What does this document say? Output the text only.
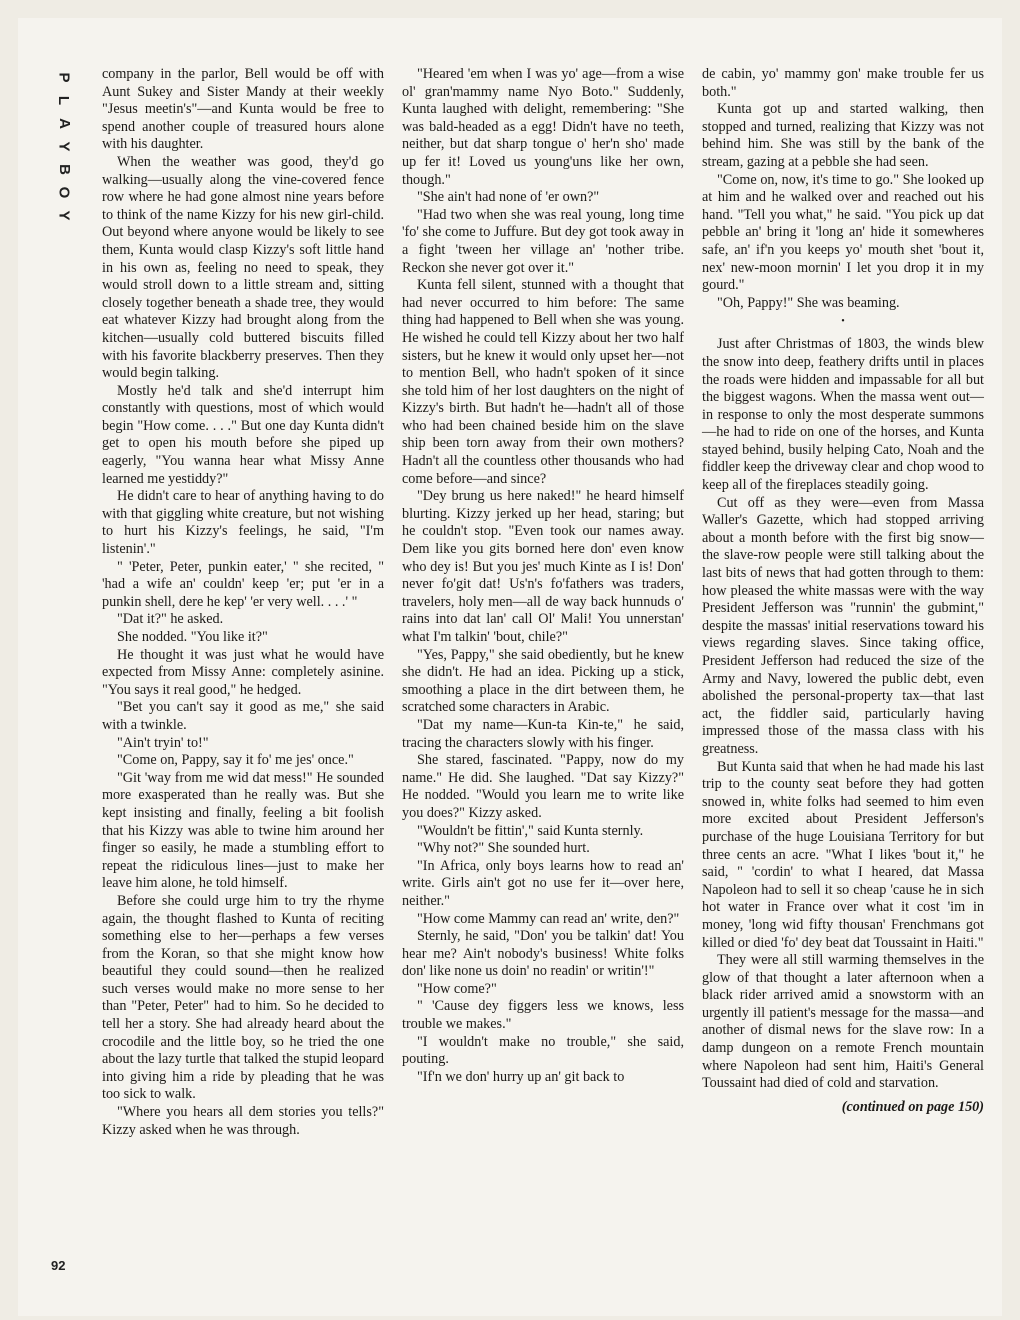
P
L
A
Y
B
O
Y

company in the parlor, Bell would be off with Aunt Sukey and Sister Mandy at their weekly "Jesus meetin's"—and Kunta would be free to spend another couple of treasured hours alone with his daughter.

When the weather was good, they'd go walking—usually along the vine-covered fence row where he had gone almost nine years before to think of the name Kizzy for his new girl-child. Out beyond where anyone would be likely to see them, Kunta would clasp Kizzy's soft little hand in his own as, feeling no need to speak, they would stroll down to a little stream and, sitting closely together beneath a shade tree, they would eat whatever Kizzy had brought along from the kitchen—usually cold buttered biscuits filled with his favorite blackberry preserves. Then they would begin talking.

Mostly he'd talk and she'd interrupt him constantly with questions, most of which would begin "How come. . . ." But one day Kunta didn't get to open his mouth before she piped up eagerly, "You wanna hear what Missy Anne learned me yestiddy?"

He didn't care to hear of anything having to do with that giggling white creature, but not wishing to hurt his Kizzy's feelings, he said, "I'm listenin'."

" 'Peter, Peter, punkin eater,' " she recited, " 'had a wife an' couldn' keep 'er; put 'er in a punkin shell, dere he kep' 'er very well. . . .' "

"Dat it?" he asked.

She nodded. "You like it?"

He thought it was just what he would have expected from Missy Anne: completely asinine. "You says it real good," he hedged.

"Bet you can't say it good as me," she said with a twinkle.

"Ain't tryin' to!"

"Come on, Pappy, say it fo' me jes' once."

"Git 'way from me wid dat mess!" He sounded more exasperated than he really was. But she kept insisting and finally, feeling a bit foolish that his Kizzy was able to twine him around her finger so easily, he made a stumbling effort to repeat the ridiculous lines—just to make her leave him alone, he told himself.

Before she could urge him to try the rhyme again, the thought flashed to Kunta of reciting something else to her—perhaps a few verses from the Koran, so that she might know how beautiful they could sound—then he realized such verses would make no more sense to her than "Peter, Peter" had to him. So he decided to tell her a story. She had already heard about the crocodile and the little boy, so he tried the one about the lazy turtle that talked the stupid leopard into giving him a ride by pleading that he was too sick to walk.

"Where you hears all dem stories you tells?" Kizzy asked when he was through.

"Heared 'em when I was yo' age—from a wise ol' gran'mammy name Nyo Boto." Suddenly, Kunta laughed with delight, remembering: "She was bald-headed as a egg! Didn't have no teeth, neither, but dat sharp tongue o' her'n sho' made up fer it! Loved us young'uns like her own, though."

"She ain't had none of 'er own?"

"Had two when she was real young, long time 'fo' she come to Juffure. But dey got took away in a fight 'tween her village an' 'nother tribe. Reckon she never got over it."

Kunta fell silent, stunned with a thought that had never occurred to him before: The same thing had happened to Bell when she was young. He wished he could tell Kizzy about her two half sisters, but he knew it would only upset her—not to mention Bell, who hadn't spoken of it since she told him of her lost daughters on the night of Kizzy's birth. But hadn't he—hadn't all of those who had been chained beside him on the slave ship been torn away from their own mothers? Hadn't all the countless other thousands who had come before—and since?

"Dey brung us here naked!" he heard himself blurting. Kizzy jerked up her head, staring; but he couldn't stop. "Even took our names away. Dem like you gits borned here don' even know who dey is! But you jes' much Kinte as I is! Don' never fo'git dat! Us'n's fo'fathers was traders, travelers, holy men—all de way back hunnuds o' rains into dat lan' call Ol' Mali! You unnerstan' what I'm talkin' 'bout, chile?"

"Yes, Pappy," she said obediently, but he knew she didn't. He had an idea. Picking up a stick, smoothing a place in the dirt between them, he scratched some characters in Arabic.

"Dat my name—Kun-ta Kin-te," he said, tracing the characters slowly with his finger.

She stared, fascinated. "Pappy, now do my name." He did. She laughed. "Dat say Kizzy?" He nodded. "Would you learn me to write like you does?" Kizzy asked.

"Wouldn't be fittin'," said Kunta sternly.

"Why not?" She sounded hurt.

"In Africa, only boys learns how to read an' write. Girls ain't got no use fer it—over here, neither."

"How come Mammy can read an' write, den?"

Sternly, he said, "Don' you be talkin' dat! You hear me? Ain't nobody's business! White folks don' like none us doin' no readin' or writin'!"

"How come?"

" 'Cause dey figgers less we knows, less trouble we makes."

"I wouldn't make no trouble," she said, pouting.

"If'n we don' hurry up an' git back to

de cabin, yo' mammy gon' make trouble fer us both."

Kunta got up and started walking, then stopped and turned, realizing that Kizzy was not behind him. She was still by the bank of the stream, gazing at a pebble she had seen.

"Come on, now, it's time to go." She looked up at him and he walked over and reached out his hand. "Tell you what," he said. "You pick up dat pebble an' bring it 'long an' hide it somewheres safe, an' if'n you keeps yo' mouth shet 'bout it, nex' new-moon mornin' I let you drop it in my gourd."

"Oh, Pappy!" She was beaming.

•

Just after Christmas of 1803, the winds blew the snow into deep, feathery drifts until in places the roads were hidden and impassable for all but the biggest wagons. When the massa went out—in response to only the most desperate summons—he had to ride on one of the horses, and Kunta stayed behind, busily helping Cato, Noah and the fiddler keep the driveway clear and chop wood to keep all of the fireplaces steadily going.

Cut off as they were—even from Massa Waller's Gazette, which had stopped arriving about a month before with the first big snow—the slave-row people were still talking about the last bits of news that had gotten through to them: how pleased the white massas were with the way President Jefferson was "runnin' the gubmint," despite the massas' initial reservations toward his views regarding slaves. Since taking office, President Jefferson had reduced the size of the Army and Navy, lowered the public debt, even abolished the personal-property tax—that last act, the fiddler said, particularly having impressed those of the massa class with his greatness.

But Kunta said that when he had made his last trip to the county seat before they had gotten snowed in, white folks had seemed to him even more excited about President Jefferson's purchase of the huge Louisiana Territory for but three cents an acre. "What I likes 'bout it," he said, " 'cordin' to what I heared, dat Massa Napoleon had to sell it so cheap 'cause he in sich hot water in France over what it cost 'im in money, 'long wid fifty thousan' Frenchmans got killed or died 'fo' dey beat dat Toussaint in Haiti."

They were all still warming themselves in the glow of that thought a later afternoon when a black rider arrived amid a snowstorm with an urgently ill patient's message for the massa—and another of dismal news for the slave row: In a damp dungeon on a remote French mountain where Napoleon had sent him, Haiti's General Toussaint had died of cold and starvation.

(continued on page 150)

92
